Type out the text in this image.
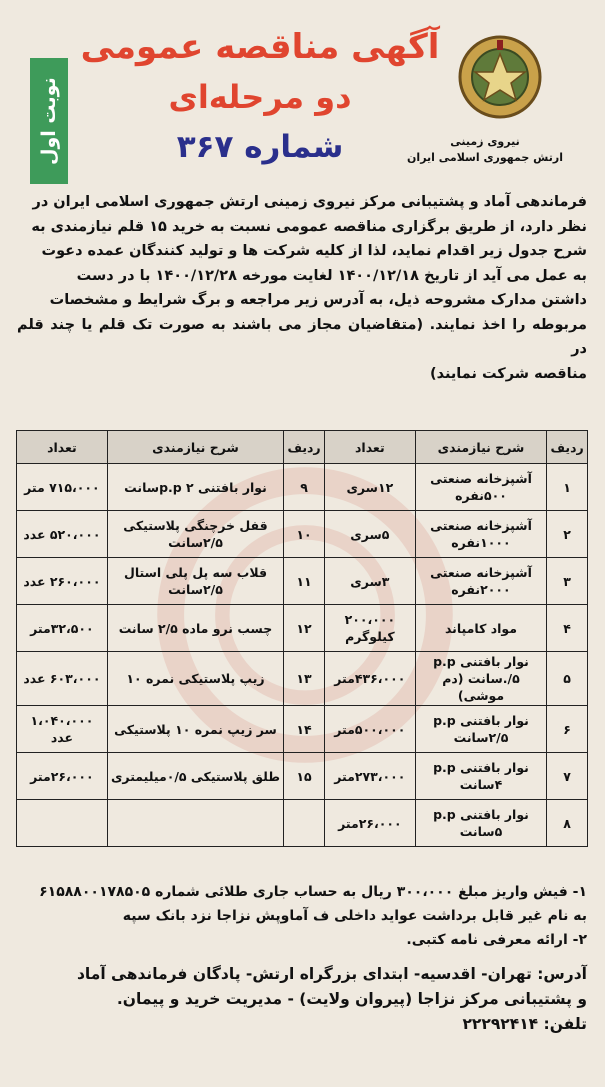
نوبت اول
آگهی مناقصه عمومی
دو مرحله‌ای
شماره ۳۶۷	نیروی زمینی
ارتش جمهوری اسلامی ایران
فرماندهی آماد و پشتیبانی مرکز نیروی زمینی ارتش جمهوری اسلامی ایران در
نظر دارد، از طریق برگزاری مناقصه عمومی نسبت به خرید ۱۵ قلم نیازمندی به
شرح جدول زیر اقدام نماید، لذا از کلیه شرکت ها و تولید کنندگان عمده دعوت
به عمل می آید از تاریخ ۱۴۰۰/۱۲/۱۸ لغایت مورخه ۱۴۰۰/۱۲/۲۸ با در دست
داشتن مدارک مشروحه ذیل، به آدرس زیر مراجعه و برگ شرایط و مشخصات
مربوطه را اخذ نمایند. (متقاضیان مجاز می باشند به صورت تک قلم یا چند قلم در
مناقصه شرکت نمایند)
ردیف	شرح نیازمندی	تعداد	ردیف	شرح نیازمندی	تعداد
۱	آشپزخانه صنعتی ۵۰۰نفره	۱۲سری	۹	نوار بافتنی p.p ۲سانت	۷۱۵،۰۰۰ متر
۲	آشپزخانه صنعتی ۱۰۰۰نفره	۵سری	۱۰	قفل خرچنگی پلاستیکی ۲/۵سانت	۵۲۰،۰۰۰ عدد
۳	آشپزخانه صنعتی ۲۰۰۰نفره	۳سری	۱۱	قلاب سه پل پلی استال ۲/۵سانت	۲۶۰،۰۰۰ عدد
۴	مواد کامپاند	۲۰۰،۰۰۰ کیلوگرم	۱۲	چسب نرو ماده ۲/۵ سانت	۳۲،۵۰۰متر
۵	نوار بافتنی p.p ۵/.سانت (دم موشی)	۴۳۶،۰۰۰متر	۱۳	زیپ پلاستیکی نمره ۱۰	۶۰۳،۰۰۰ عدد
۶	نوار بافتنی p.p ۲/۵سانت	۵۰۰،۰۰۰متر	۱۴	سر زیپ نمره ۱۰ پلاستیکی	۱،۰۴۰،۰۰۰ عدد
۷	نوار بافتنی p.p ۴سانت	۲۷۳،۰۰۰متر	۱۵	طلق پلاستیکی ۰/۵میلیمتری	۲۶،۰۰۰متر
۸	نوار بافتنی p.p ۵سانت	۲۶،۰۰۰متر			

۱- فیش واریز مبلغ ۳۰۰،۰۰۰ ریال به حساب جاری طلائی شماره ۶۱۵۸۸۰۰۱۷۸۵۰۵

به نام غیر قابل برداشت عواید داخلی ف آماوپش نزاجا نزد بانک سپه

۲- ارائه معرفی نامه کتبی.

آدرس: تهران- اقدسیه- ابتدای بزرگراه ارتش- پادگان فرماندهی آماد

و پشتیبانی مرکز نزاجا (پیروان ولایت) - مدیریت خرید و پیمان.

تلفن: ۲۲۲۹۲۴۱۴
